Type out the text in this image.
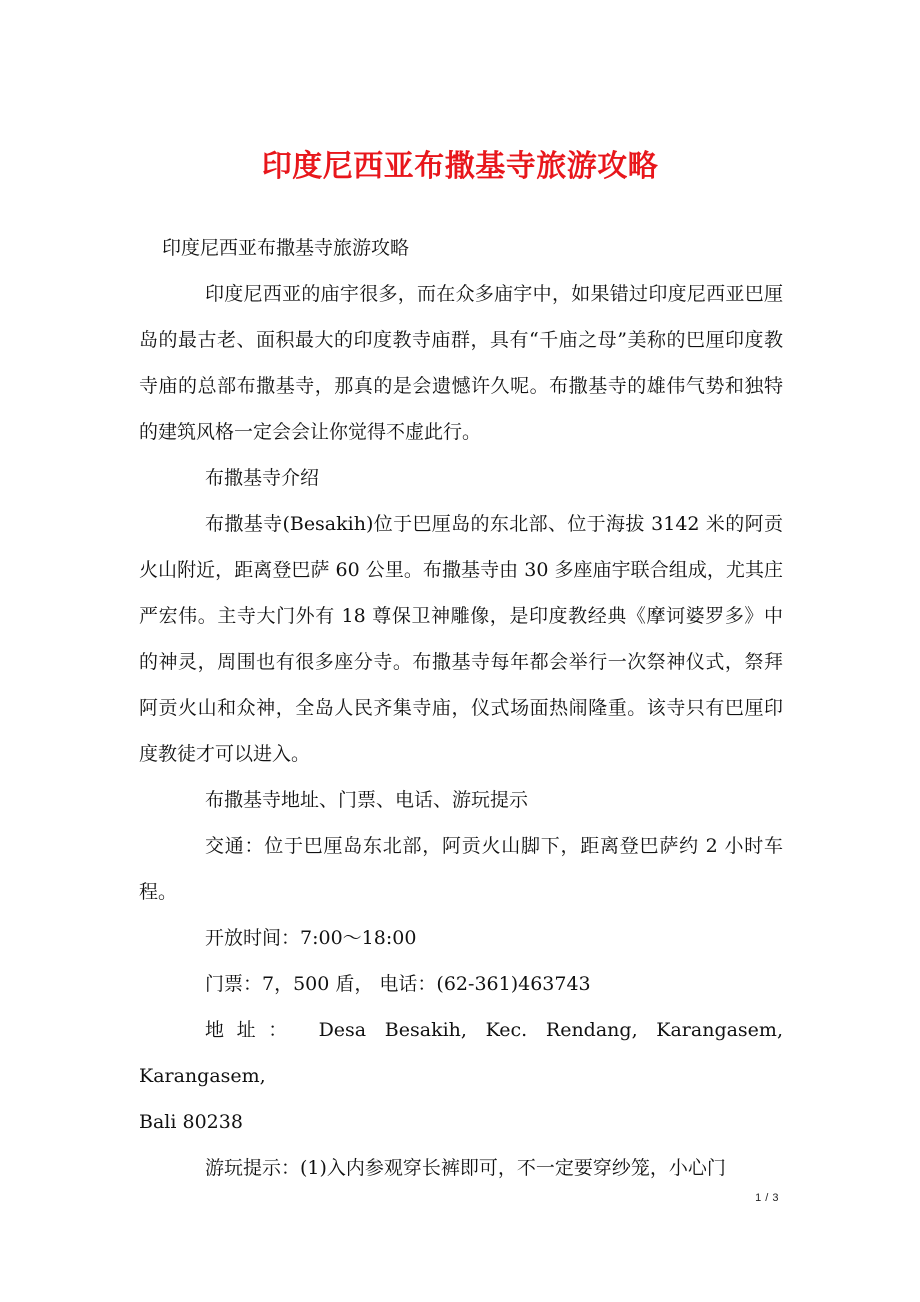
印度尼西亚布撒基寺旅游攻略

印度尼西亚布撒基寺旅游攻略

印度尼西亚的庙宇很多，而在众多庙宇中，如果错过印度尼西亚巴厘岛的最古老、面积最大的印度教寺庙群，具有“千庙之母”美称的巴厘印度教寺庙的总部布撒基寺，那真的是会遗憾许久呢。布撒基寺的雄伟气势和独特的建筑风格一定会会让你觉得不虚此行。

布撒基寺介绍

布撒基寺(Besakih)位于巴厘岛的东北部、位于海拔 3142 米的阿贡火山附近，距离登巴萨 60 公里。布撒基寺由 30 多座庙宇联合组成，尤其庄严宏伟。主寺大门外有 18 尊保卫神雕像，是印度教经典《摩诃婆罗多》中的神灵，周围也有很多座分寺。布撒基寺每年都会举行一次祭神仪式，祭拜阿贡火山和众神，全岛人民齐集寺庙，仪式场面热闹隆重。该寺只有巴厘印度教徒才可以进入。

布撒基寺地址、门票、电话、游玩提示

交通：位于巴厘岛东北部，阿贡火山脚下，距离登巴萨约 2 小时车程。

开放时间：7:00～18:00

门票：7，500 盾， 电话：(62-361)463743

地址： Desa Besakih, Kec. Rendang, Karangasem, Karangasem,

Bali 80238

游玩提示：(1)入内参观穿长裤即可，不一定要穿纱笼，小心门

1 / 3
